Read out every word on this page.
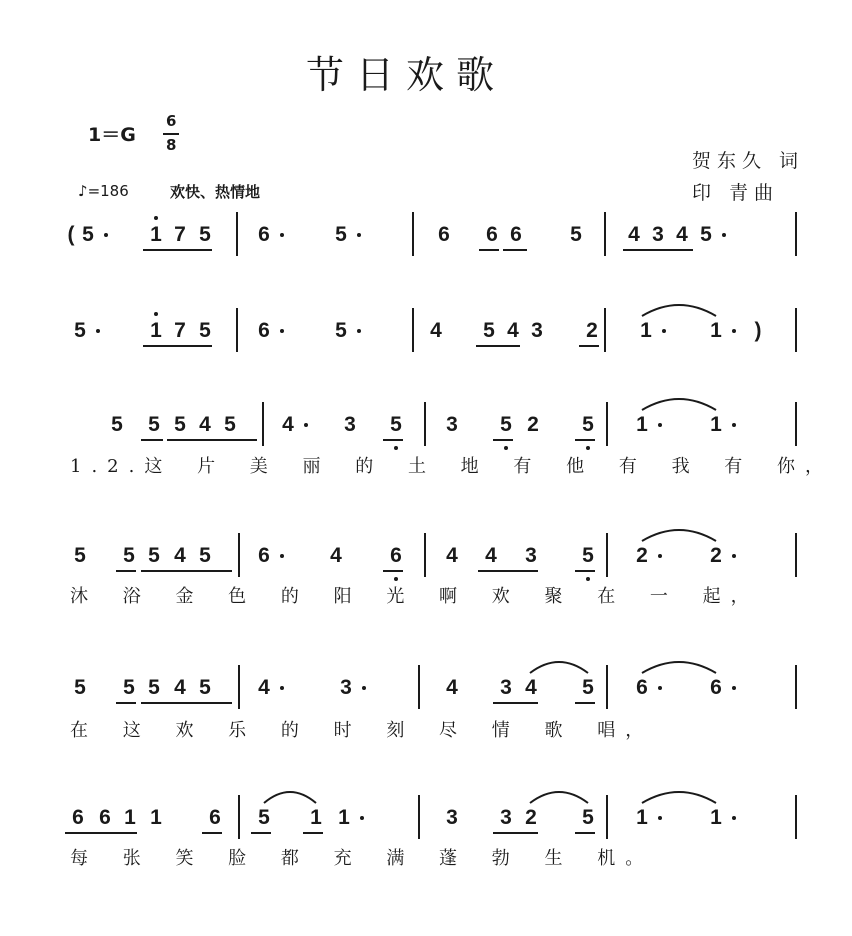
节日欢歌
1＝G
6
8
♪=186	欢快、热情地
贺东久 词
印 青曲
( 5	1 7 5 6	5	6 6 6 5 4 3 4 5
5	1 7 5 6	5	4 5 4 3 2 1	1 )
5 5 5 4 5 4 3 5 3 5 2 5 1	1
5 5 5 4 5 6	4 6 4 4 3 5 2	2
5 5 5 4 5 4	3	4 3 4 5 6	6
6 6 1 1 6 5 1 1	3 3 2 5 1	1
1.2.这 片 美 丽 的 土 地 有 他 有 我 有 你，
沐 浴 金 色 的 阳 光 啊 欢 聚 在 一 起，
在 这 欢 乐 的 时 刻 尽 情 歌 唱，
每 张 笑 脸 都 充 满 蓬 勃 生 机。
